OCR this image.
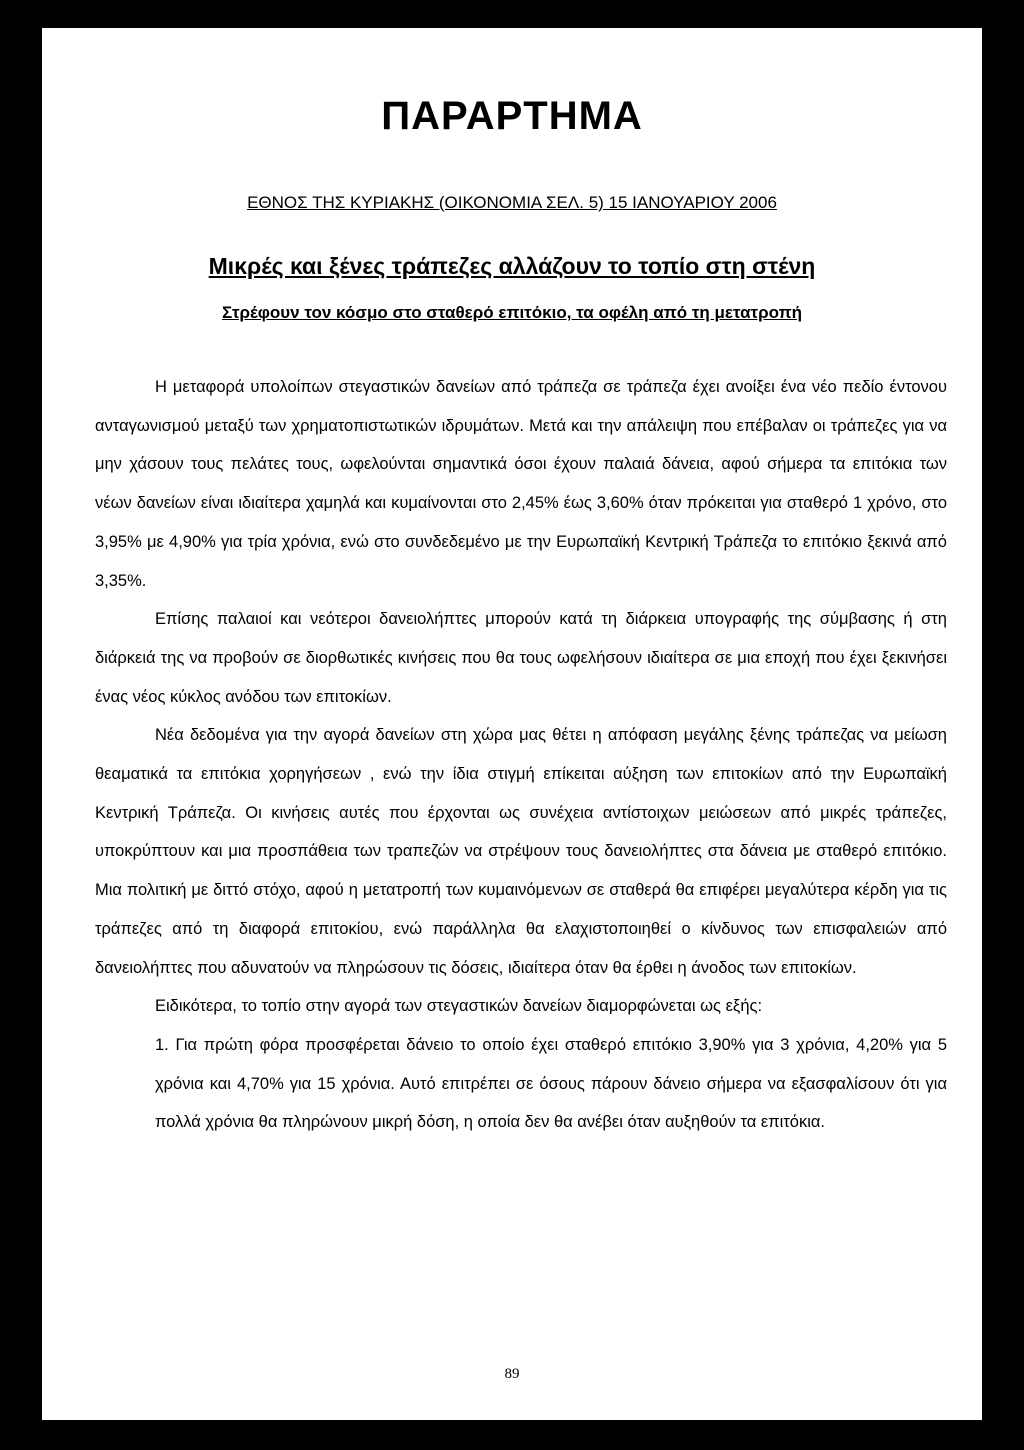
ΠΑΡΑΡΤΗΜΑ

ΕΘΝΟΣ ΤΗΣ ΚΥΡΙΑΚΗΣ (ΟΙΚΟΝΟΜΙΑ ΣΕΛ. 5) 15 ΙΑΝΟΥΑΡΙΟΥ 2006

Μικρές και ξένες τράπεζες αλλάζουν το τοπίο στη στένη
Στρέφουν τον κόσμο στο σταθερό επιτόκιο, τα οφέλη από τη μετατροπή

Η μεταφορά υπολοίπων στεγαστικών δανείων από τράπεζα σε τράπεζα έχει ανοίξει ένα νέο πεδίο έντονου ανταγωνισμού μεταξύ των χρηματοπιστωτικών ιδρυμάτων. Μετά και την απάλειψη που επέβαλαν οι τράπεζες για να μην χάσουν τους πελάτες τους, ωφελούνται σημαντικά όσοι έχουν παλαιά δάνεια, αφού σήμερα τα επιτόκια των νέων δανείων είναι ιδιαίτερα χαμηλά και κυμαίνονται στο 2,45% έως 3,60% όταν πρόκειται για σταθερό 1 χρόνο, στο 3,95% με 4,90% για τρία χρόνια, ενώ στο συνδεδεμένο με την Ευρωπαϊκή Κεντρική Τράπεζα το επιτόκιο ξεκινά από 3,35%.

Επίσης παλαιοί και νεότεροι δανειολήπτες μπορούν κατά τη διάρκεια υπογραφής της σύμβασης ή στη διάρκειά της να προβούν σε διορθωτικές κινήσεις που θα τους ωφελήσουν ιδιαίτερα σε μια εποχή που έχει ξεκινήσει ένας νέος κύκλος ανόδου των επιτοκίων.

Νέα δεδομένα για την αγορά δανείων στη χώρα μας θέτει η απόφαση μεγάλης ξένης τράπεζας να μείωση θεαματικά τα επιτόκια χορηγήσεων , ενώ την ίδια στιγμή επίκειται αύξηση των επιτοκίων από την Ευρωπαϊκή Κεντρική Τράπεζα. Οι κινήσεις αυτές που έρχονται ως συνέχεια αντίστοιχων μειώσεων από μικρές τράπεζες, υποκρύπτουν και μια προσπάθεια των τραπεζών να στρέψουν τους δανειολήπτες στα δάνεια με σταθερό επιτόκιο. Μια πολιτική με διττό στόχο, αφού η μετατροπή των κυμαινόμενων σε σταθερά θα επιφέρει μεγαλύτερα κέρδη για τις τράπεζες από τη διαφορά επιτοκίου, ενώ παράλληλα θα ελαχιστοποιηθεί ο κίνδυνος των επισφαλειών από δανειολήπτες που αδυνατούν να πληρώσουν τις δόσεις, ιδιαίτερα όταν θα έρθει η άνοδος των επιτοκίων.

Ειδικότερα, το τοπίο στην αγορά των στεγαστικών δανείων διαμορφώνεται ως εξής:

1. Για πρώτη φόρα προσφέρεται δάνειο το οποίο έχει σταθερό επιτόκιο 3,90% για 3 χρόνια, 4,20% για 5 χρόνια και 4,70% για 15 χρόνια. Αυτό επιτρέπει σε όσους πάρουν δάνειο σήμερα να εξασφαλίσουν ότι για πολλά χρόνια θα πληρώνουν μικρή δόση, η οποία δεν θα ανέβει όταν αυξηθούν τα επιτόκια.

89
